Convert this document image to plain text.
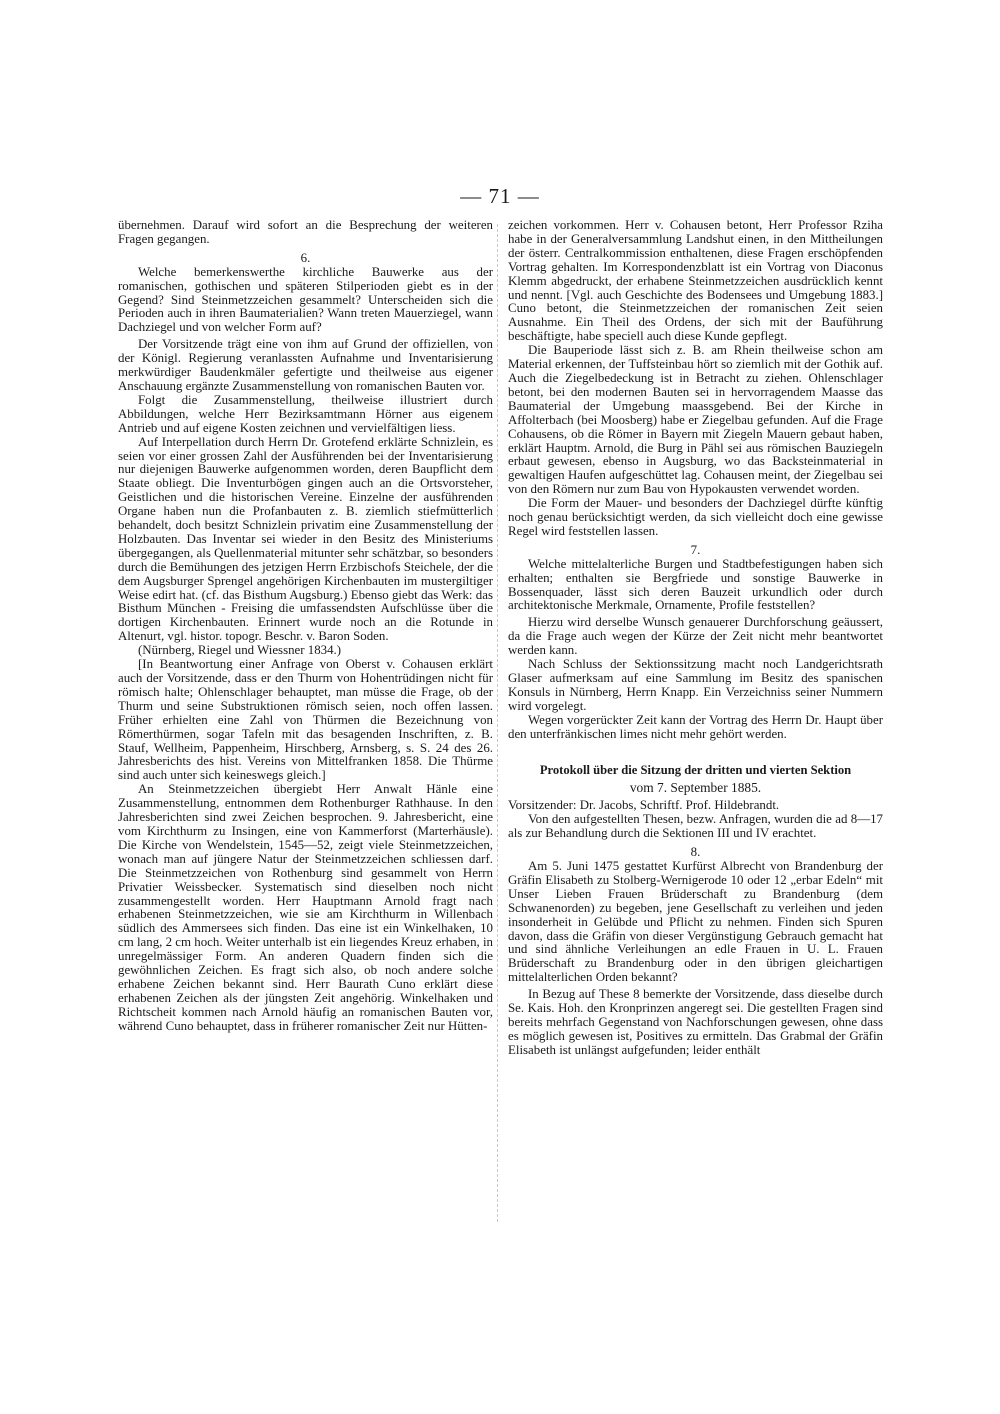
— 71 —

übernehmen. Darauf wird sofort an die Besprechung der weiteren Fragen gegangen.

6.

Welche bemerkenswerthe kirchliche Bauwerke aus der romanischen, gothischen und späteren Stilperioden giebt es in der Gegend? Sind Steinmetzzeichen gesammelt? Unterscheiden sich die Perioden auch in ihren Baumaterialien? Wann treten Mauerziegel, wann Dachziegel und von welcher Form auf?

Der Vorsitzende trägt eine von ihm auf Grund der offiziellen, von der Königl. Regierung veranlassten Aufnahme und Inventarisierung merkwürdiger Baudenkmäler gefertigte und theilweise aus eigener Anschauung ergänzte Zusammenstellung von romanischen Bauten vor.

Folgt die Zusammenstellung, theilweise illustriert durch Abbildungen, welche Herr Bezirksamtmann Hörner aus eigenem Antrieb und auf eigene Kosten zeichnen und vervielfältigen liess.

Auf Interpellation durch Herrn Dr. Grotefend erklärte Schnizlein, es seien vor einer grossen Zahl der Ausführenden bei der Inventarisierung nur diejenigen Bauwerke aufgenommen worden, deren Baupflicht dem Staate obliegt. Die Inventurbögen gingen auch an die Ortsvorsteher, Geistlichen und die historischen Vereine. Einzelne der ausführenden Organe haben nun die Profanbauten z. B. ziemlich stiefmütterlich behandelt, doch besitzt Schnizlein privatim eine Zusammenstellung der Holzbauten. Das Inventar sei wieder in den Besitz des Ministeriums übergegangen, als Quellenmaterial mitunter sehr schätzbar, so besonders durch die Bemühungen des jetzigen Herrn Erzbischofs Steichele, der die dem Augsburger Sprengel angehörigen Kirchenbauten im mustergiltiger Weise edirt hat. (cf. das Bisthum Augsburg.) Ebenso giebt das Werk: das Bisthum München - Freising die umfassendsten Aufschlüsse über die dortigen Kirchenbauten. Erinnert wurde noch an die Rotunde in Altenurt, vgl. histor. topogr. Beschr. v. Baron Soden.

(Nürnberg, Riegel und Wiessner 1834.)

[In Beantwortung einer Anfrage von Oberst v. Cohausen erklärt auch der Vorsitzende, dass er den Thurm von Hohentrüdingen nicht für römisch halte; Ohlenschlager behauptet, man müsse die Frage, ob der Thurm und seine Substruktionen römisch seien, noch offen lassen. Früher erhielten eine Zahl von Thürmen die Bezeichnung von Römerthürmen, sogar Tafeln mit das besagenden Inschriften, z. B. Stauf, Wellheim, Pappenheim, Hirschberg, Arnsberg, s. S. 24 des 26. Jahresberichts des hist. Vereins von Mittelfranken 1858. Die Thürme sind auch unter sich keineswegs gleich.]

An Steinmetzzeichen übergiebt Herr Anwalt Hänle eine Zusammenstellung, entnommen dem Rothenburger Rathhause. In den Jahresberichten sind zwei Zeichen besprochen. 9. Jahresbericht, eine vom Kirchthurm zu Insingen, eine von Kammerforst (Marterhäusle). Die Kirche von Wendelstein, 1545—52, zeigt viele Steinmetzzeichen, wonach man auf jüngere Natur der Steinmetzzeichen schliessen darf. Die Steinmetzzeichen von Rothenburg sind gesammelt von Herrn Privatier Weissbecker. Systematisch sind dieselben noch nicht zusammengestellt worden. Herr Hauptmann Arnold fragt nach erhabenen Steinmetzzeichen, wie sie am Kirchthurm in Willenbach südlich des Ammersees sich finden. Das eine ist ein Winkelhaken, 10 cm lang, 2 cm hoch. Weiter unterhalb ist ein liegendes Kreuz erhaben, in unregelmässiger Form. An anderen Quadern finden sich die gewöhnlichen Zeichen. Es fragt sich also, ob noch andere solche erhabene Zeichen bekannt sind. Herr Baurath Cuno erklärt diese erhabenen Zeichen als der jüngsten Zeit angehörig. Winkelhaken und Richtscheit kommen nach Arnold häufig an romanischen Bauten vor, während Cuno behauptet, dass in früherer romanischer Zeit nur Hütten-

zeichen vorkommen. Herr v. Cohausen betont, Herr Professor Rziha habe in der Generalversammlung Landshut einen, in den Mittheilungen der österr. Centralkommission enthaltenen, diese Fragen erschöpfenden Vortrag gehalten. Im Korrespondenzblatt ist ein Vortrag von Diaconus Klemm abgedruckt, der erhabene Steinmetzzeichen ausdrücklich kennt und nennt. [Vgl. auch Geschichte des Bodensees und Umgebung 1883.] Cuno betont, die Steinmetzzeichen der romanischen Zeit seien Ausnahme. Ein Theil des Ordens, der sich mit der Bauführung beschäftigte, habe speciell auch diese Kunde gepflegt.

Die Bauperiode lässt sich z. B. am Rhein theilweise schon am Material erkennen, der Tuffsteinbau hört so ziemlich mit der Gothik auf. Auch die Ziegelbedeckung ist in Betracht zu ziehen. Ohlenschlager betont, bei den modernen Bauten sei in hervorragendem Maasse das Baumaterial der Umgebung maassgebend. Bei der Kirche in Affolterbach (bei Moosberg) habe er Ziegelbau gefunden. Auf die Frage Cohausens, ob die Römer in Bayern mit Ziegeln Mauern gebaut haben, erklärt Hauptm. Arnold, die Burg in Pähl sei aus römischen Bauziegeln erbaut gewesen, ebenso in Augsburg, wo das Backsteinmaterial in gewaltigen Haufen aufgeschüttet lag. Cohausen meint, der Ziegelbau sei von den Römern nur zum Bau von Hypokausten verwendet worden.

Die Form der Mauer- und besonders der Dachziegel dürfte künftig noch genau berücksichtigt werden, da sich vielleicht doch eine gewisse Regel wird feststellen lassen.

7.

Welche mittelalterliche Burgen und Stadtbefestigungen haben sich erhalten; enthalten sie Bergfriede und sonstige Bauwerke in Bossenquader, lässt sich deren Bauzeit urkundlich oder durch architektonische Merkmale, Ornamente, Profile feststellen?

Hierzu wird derselbe Wunsch genauerer Durchforschung geäussert, da die Frage auch wegen der Kürze der Zeit nicht mehr beantwortet werden kann.

Nach Schluss der Sektionssitzung macht noch Landgerichtsrath Glaser aufmerksam auf eine Sammlung im Besitz des spanischen Konsuls in Nürnberg, Herrn Knapp. Ein Verzeichniss seiner Nummern wird vorgelegt.

Wegen vorgerückter Zeit kann der Vortrag des Herrn Dr. Haupt über den unterfränkischen limes nicht mehr gehört werden.

Protokoll über die Sitzung der dritten und vierten Sektion

vom 7. September 1885.

Vorsitzender: Dr. Jacobs, Schriftf. Prof. Hildebrandt.

Von den aufgestellten Thesen, bezw. Anfragen, wurden die ad 8—17 als zur Behandlung durch die Sektionen III und IV erachtet.

8.

Am 5. Juni 1475 gestattet Kurfürst Albrecht von Brandenburg der Gräfin Elisabeth zu Stolberg-Wernigerode 10 oder 12 „erbar Edeln“ mit Unser Lieben Frauen Brüderschaft zu Brandenburg (dem Schwanenorden) zu begeben, jene Gesellschaft zu verleihen und jeden insonderheit in Gelübde und Pflicht zu nehmen. Finden sich Spuren davon, dass die Gräfin von dieser Vergünstigung Gebrauch gemacht hat und sind ähnliche Verleihungen an edle Frauen in U. L. Frauen Brüderschaft zu Brandenburg oder in den übrigen gleichartigen mittelalterlichen Orden bekannt?

In Bezug auf These 8 bemerkte der Vorsitzende, dass dieselbe durch Se. Kais. Hoh. den Kronprinzen angeregt sei. Die gestellten Fragen sind bereits mehrfach Gegenstand von Nachforschungen gewesen, ohne dass es möglich gewesen ist, Positives zu ermitteln. Das Grabmal der Gräfin Elisabeth ist unlängst aufgefunden; leider enthält
